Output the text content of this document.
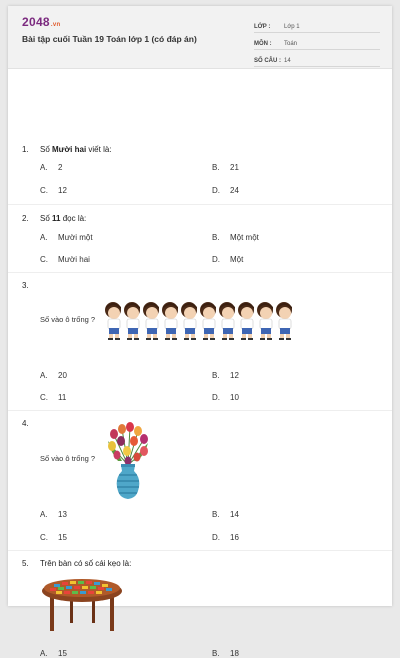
2048.vn
Bài tập cuối Tuần 19 Toán lớp 1 (có đáp án)
LỚP :	Lớp 1
MÔN :	Toán
SỐ CÂU : 14
1. Số Mười hai viết là:
A. 2	B. 21
C. 12	D. 24
2. Số 11 đọc là:
A. Mười một	B. Một một
C. Mười hai	D. Một
3.
Số vào ô trống ?
A. 20	B. 12
C. 11	D. 10
4.
Số vào ô trống ?
A. 13	B. 14
C. 15	D. 16
5. Trên bàn có số cái kẹo là:
A. 15	B. 18
